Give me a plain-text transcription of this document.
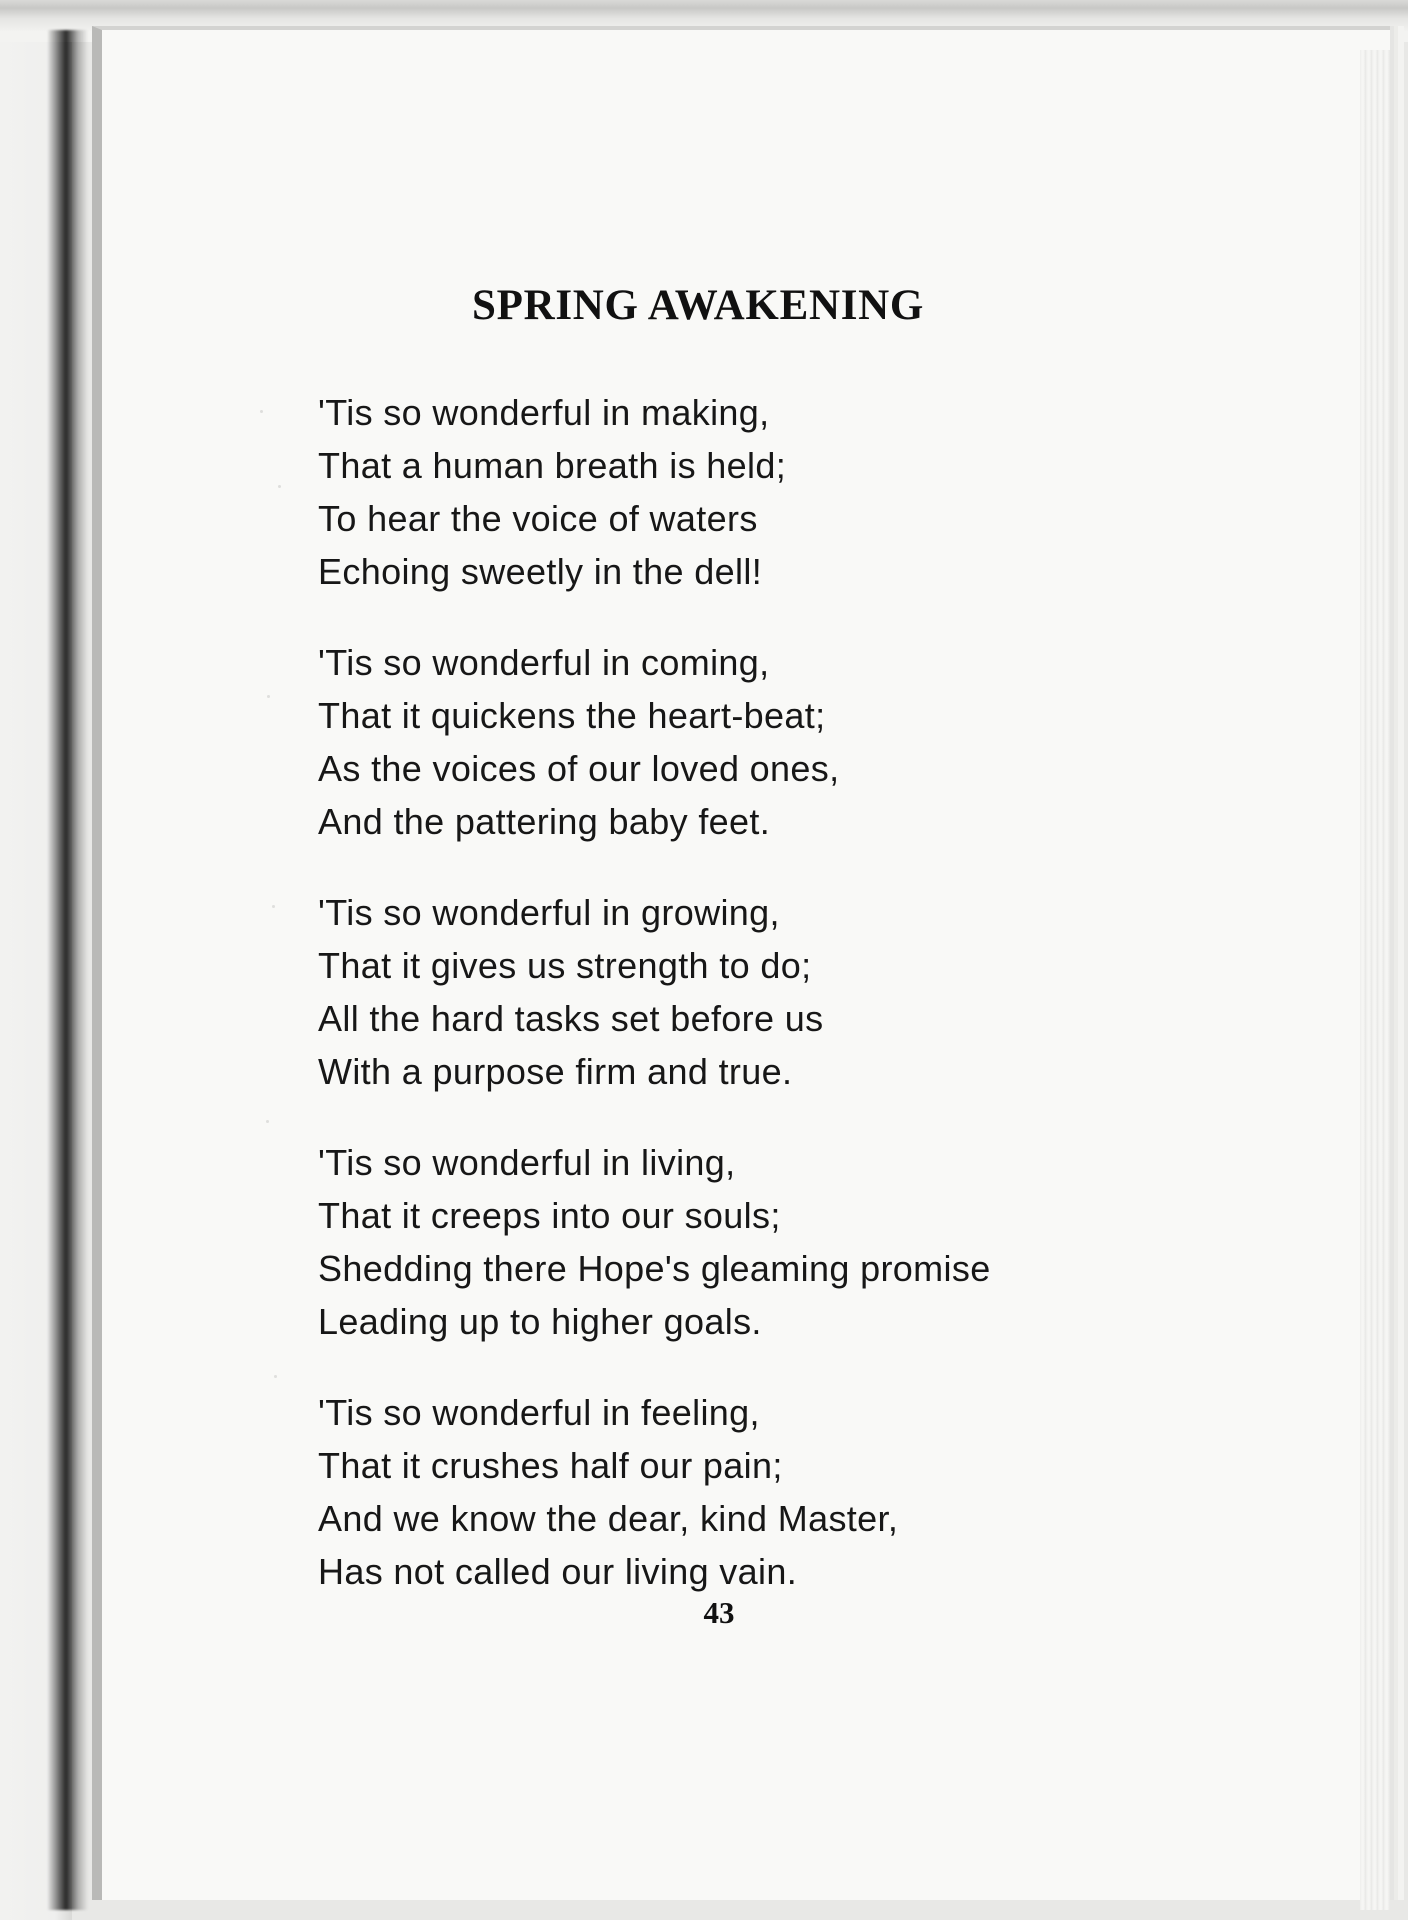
SPRING AWAKENING
'Tis so wonderful in making,
That a human breath is held;
To hear the voice of waters
Echoing sweetly in the dell!
'Tis so wonderful in coming,
That it quickens the heart-beat;
As the voices of our loved ones,
And the pattering baby feet.
'Tis so wonderful in growing,
That it gives us strength to do;
All the hard tasks set before us
With a purpose firm and true.
'Tis so wonderful in living,
That it creeps into our souls;
Shedding there Hope's gleaming promise
Leading up to higher goals.
'Tis so wonderful in feeling,
That it crushes half our pain;
And we know the dear, kind Master,
Has not called our living vain.
43
